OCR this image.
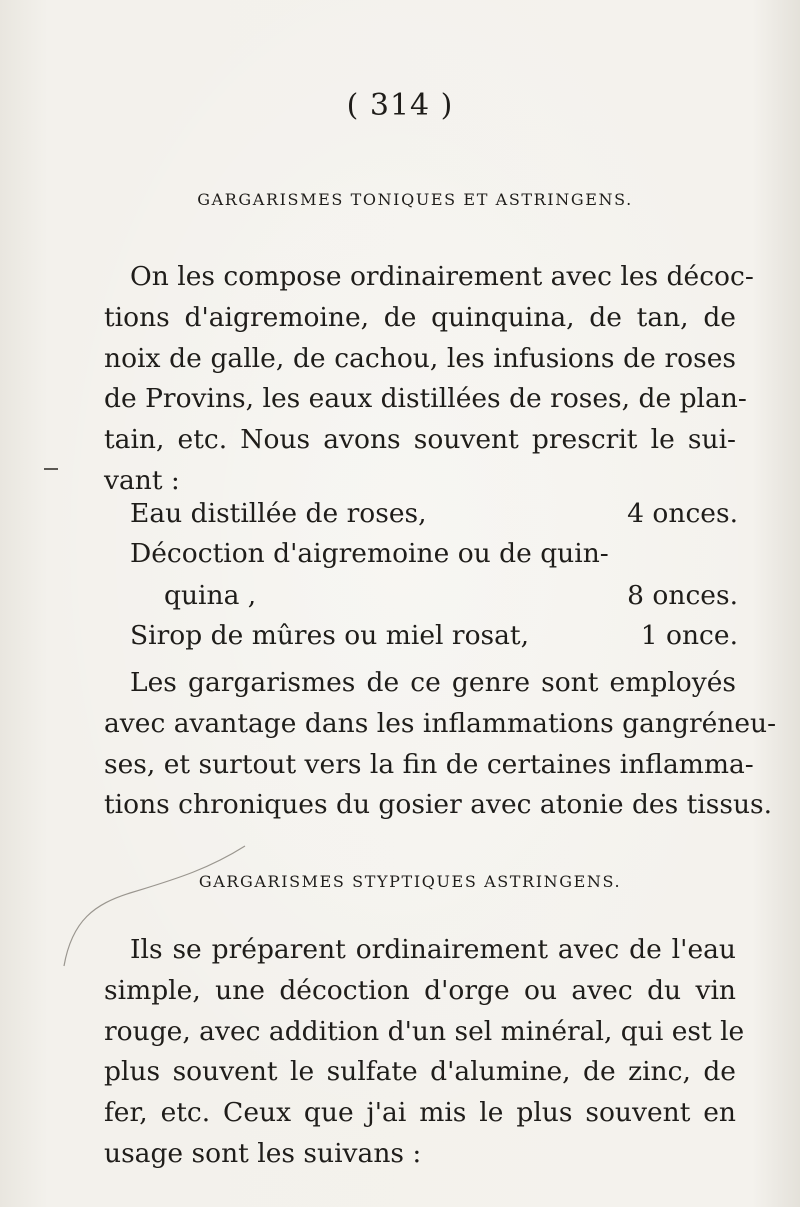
( 314 )
GARGARISMES TONIQUES ET ASTRINGENS.
On les compose ordinairement avec les décoc-
tions d'aigremoine, de quinquina, de tan, de
noix de galle, de cachou, les infusions de roses
de Provins, les eaux distillées de roses, de plan-
tain, etc. Nous avons souvent prescrit le sui-
vant :
Eau distillée de roses,	4 onces.
Décoction d'aigremoine ou de quin-
quina ,	8 onces.
Sirop de mûres ou miel rosat,	1 once.
Les gargarismes de ce genre sont employés
avec avantage dans les inflammations gangréneu-
ses, et surtout vers la fin de certaines inflamma-
tions chroniques du gosier avec atonie des tissus.
GARGARISMES STYPTIQUES ASTRINGENS.
Ils se préparent ordinairement avec de l'eau
simple, une décoction d'orge ou avec du vin
rouge, avec addition d'un sel minéral, qui est le
plus souvent le sulfate d'alumine, de zinc, de
fer, etc. Ceux que j'ai mis le plus souvent en
usage sont les suivans :
